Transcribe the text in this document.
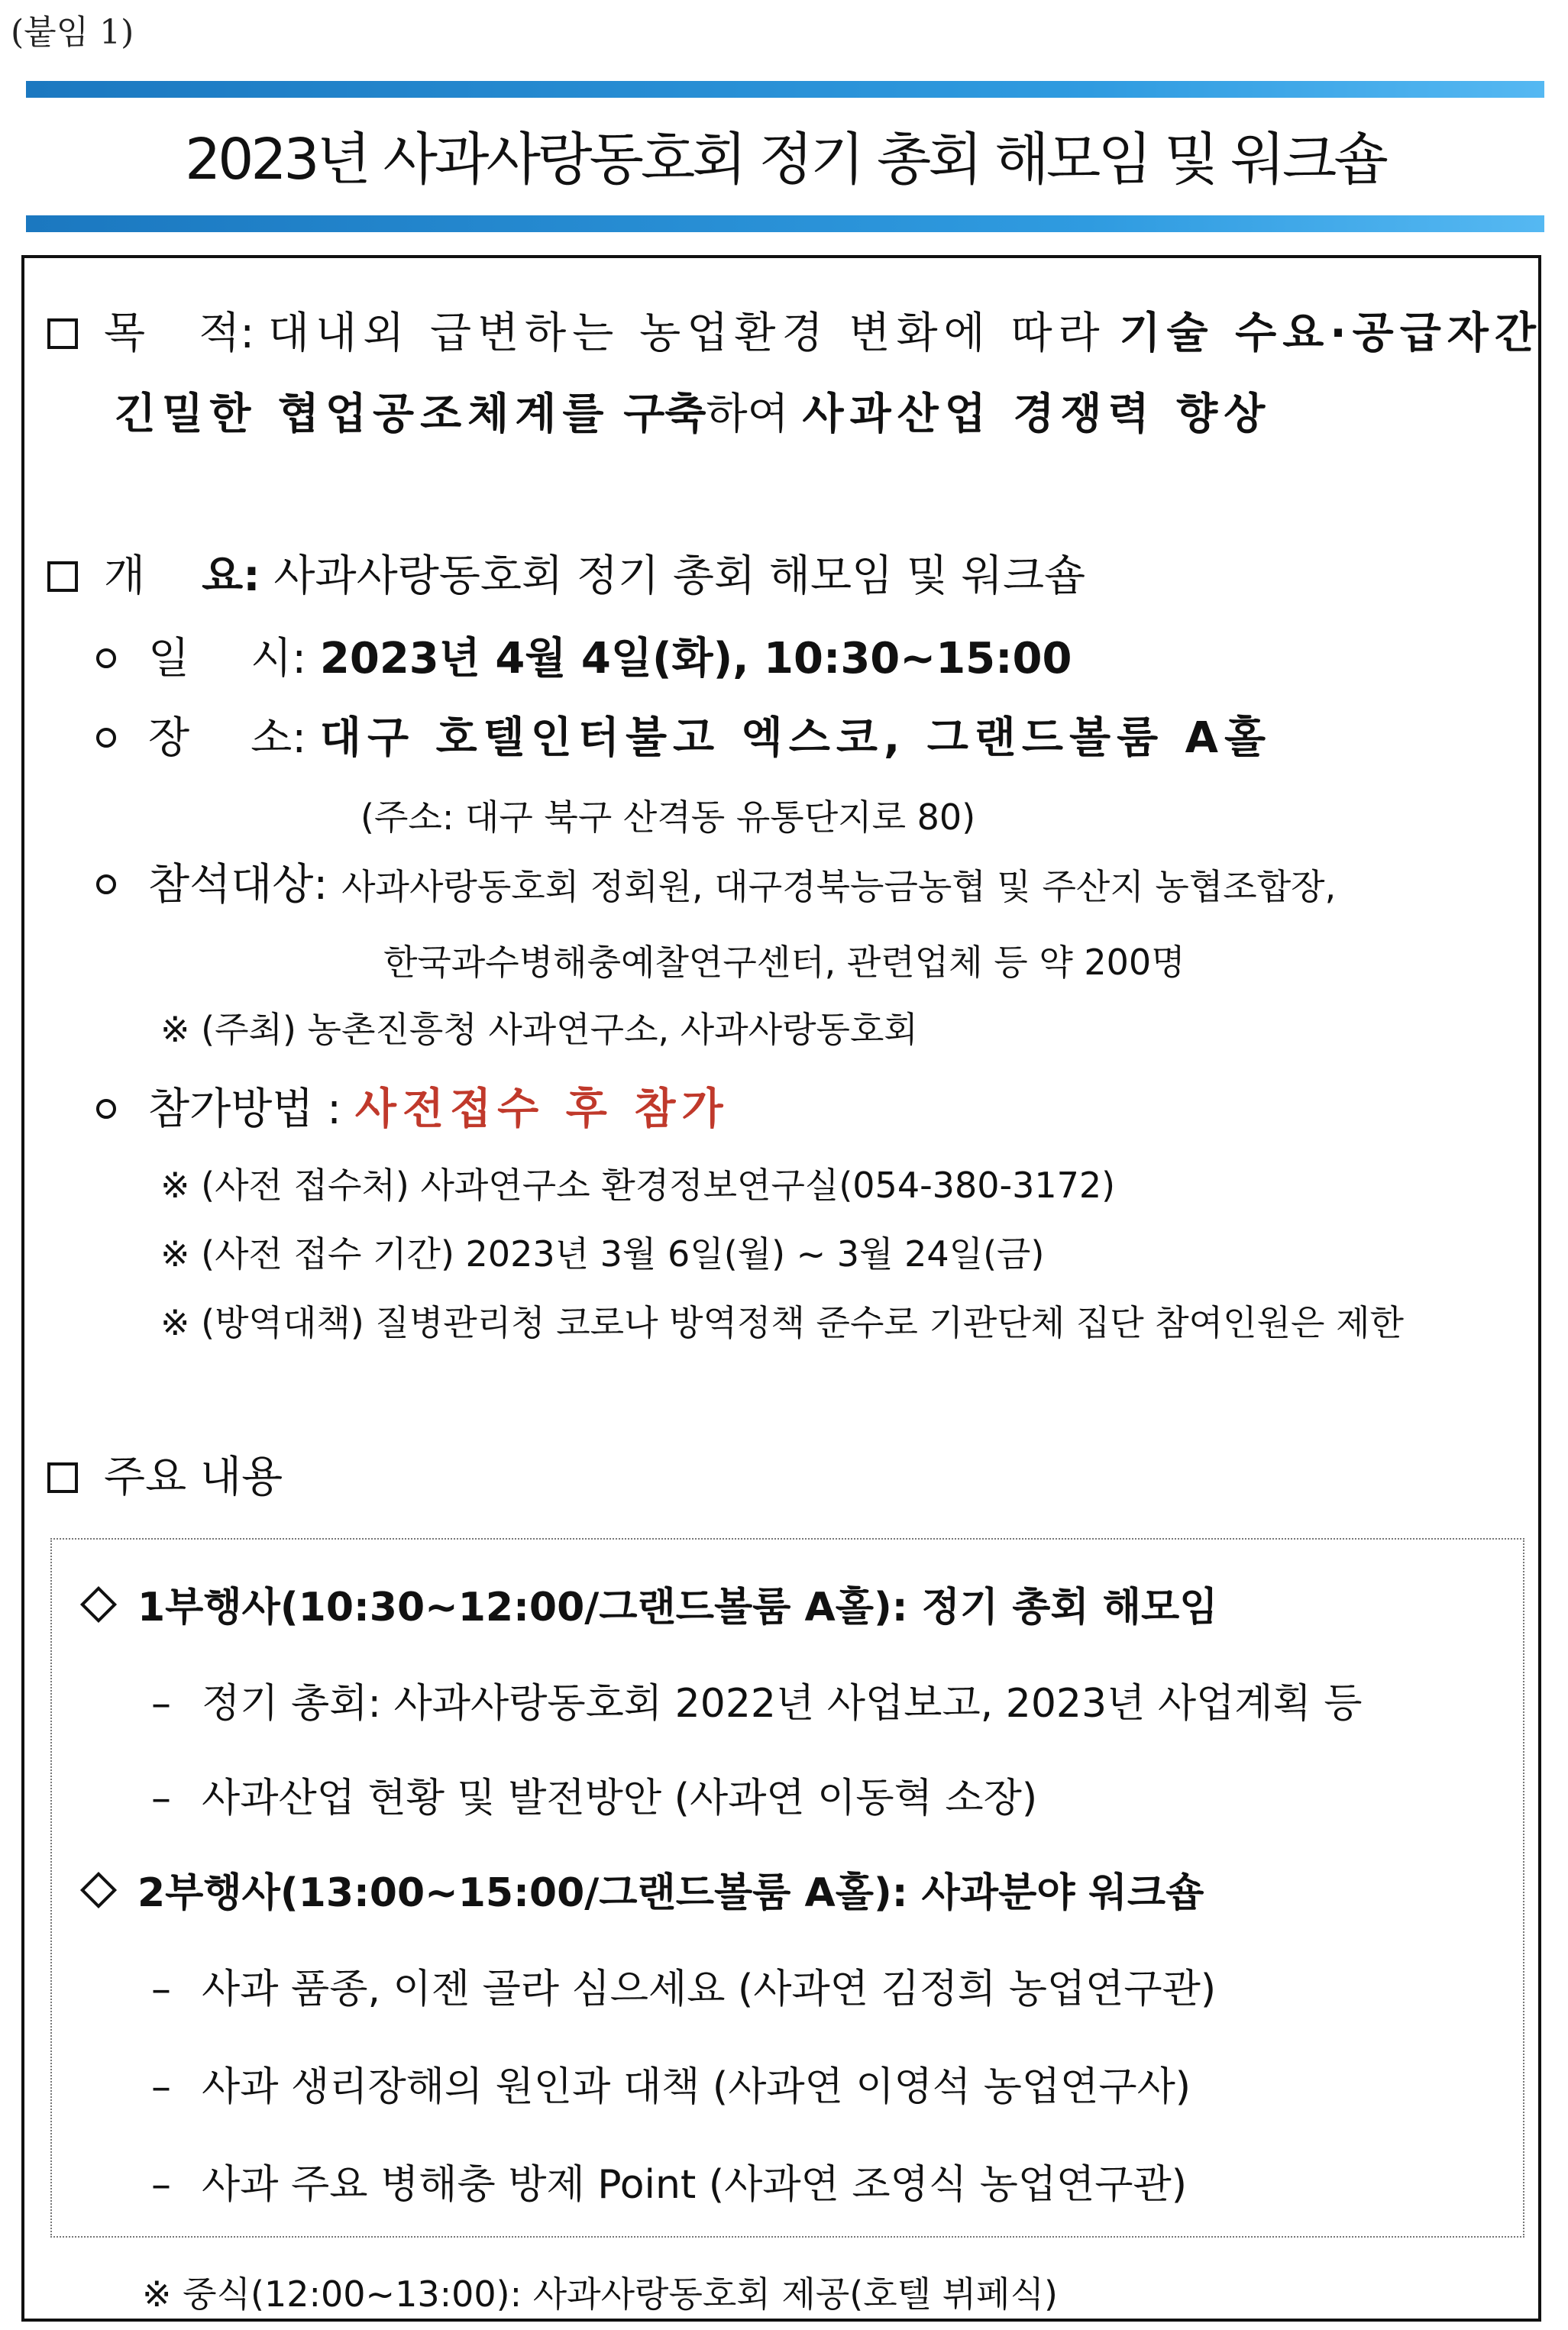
(붙임 1)
2023년 사과사랑동호회 정기 총회 해모임 및 워크숍
목 적: 대내외 급변하는 농업환경 변화에 따라 기술 수요·공급자간
긴밀한 협업공조체계를 구축하여 사과산업 경쟁력 향상
개 요: 사과사랑동호회 정기 총회 해모임 및 워크숍
일 시: 2023년 4월 4일(화), 10:30~15:00
장 소: 대구 호텔인터불고 엑스코, 그랜드볼룸 A홀
(주소: 대구 북구 산격동 유통단지로 80)
참석대상: 사과사랑동호회 정회원, 대구경북능금농협 및 주산지 농협조합장,
한국과수병해충예찰연구센터, 관련업체 등 약 200명
※ (주최) 농촌진흥청 사과연구소, 사과사랑동호회
참가방법 : 사전접수 후 참가
※ (사전 접수처) 사과연구소 환경정보연구실(054-380-3172)
※ (사전 접수 기간) 2023년 3월 6일(월) ~ 3월 24일(금)
※ (방역대책) 질병관리청 코로나 방역정책 준수로 기관단체 집단 참여인원은 제한
주요 내용
1부행사(10:30~12:00/그랜드볼룸 A홀): 정기 총회 해모임
– 정기 총회: 사과사랑동호회 2022년 사업보고, 2023년 사업계획 등
– 사과산업 현황 및 발전방안 (사과연 이동혁 소장)
2부행사(13:00~15:00/그랜드볼룸 A홀): 사과분야 워크숍
– 사과 품종, 이젠 골라 심으세요 (사과연 김정희 농업연구관)
– 사과 생리장해의 원인과 대책 (사과연 이영석 농업연구사)
– 사과 주요 병해충 방제 Point (사과연 조영식 농업연구관)
※ 중식(12:00~13:00): 사과사랑동호회 제공(호텔 뷔페식)
